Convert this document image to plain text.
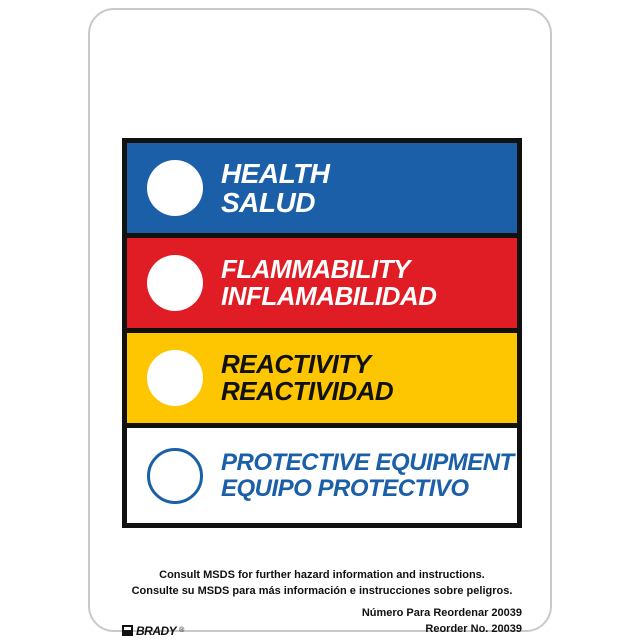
HEALTH
SALUD
FLAMMABILITY
INFLAMABILIDAD
REACTIVITY
REACTIVIDAD
PROTECTIVE EQUIPMENT
EQUIPO PROTECTIVO
Consult MSDS for further hazard information and instructions.
Consulte su MSDS para más información e instrucciones sobre peligros.
BRADY ®
Número Para Reordenar 20039
Reorder No. 20039
